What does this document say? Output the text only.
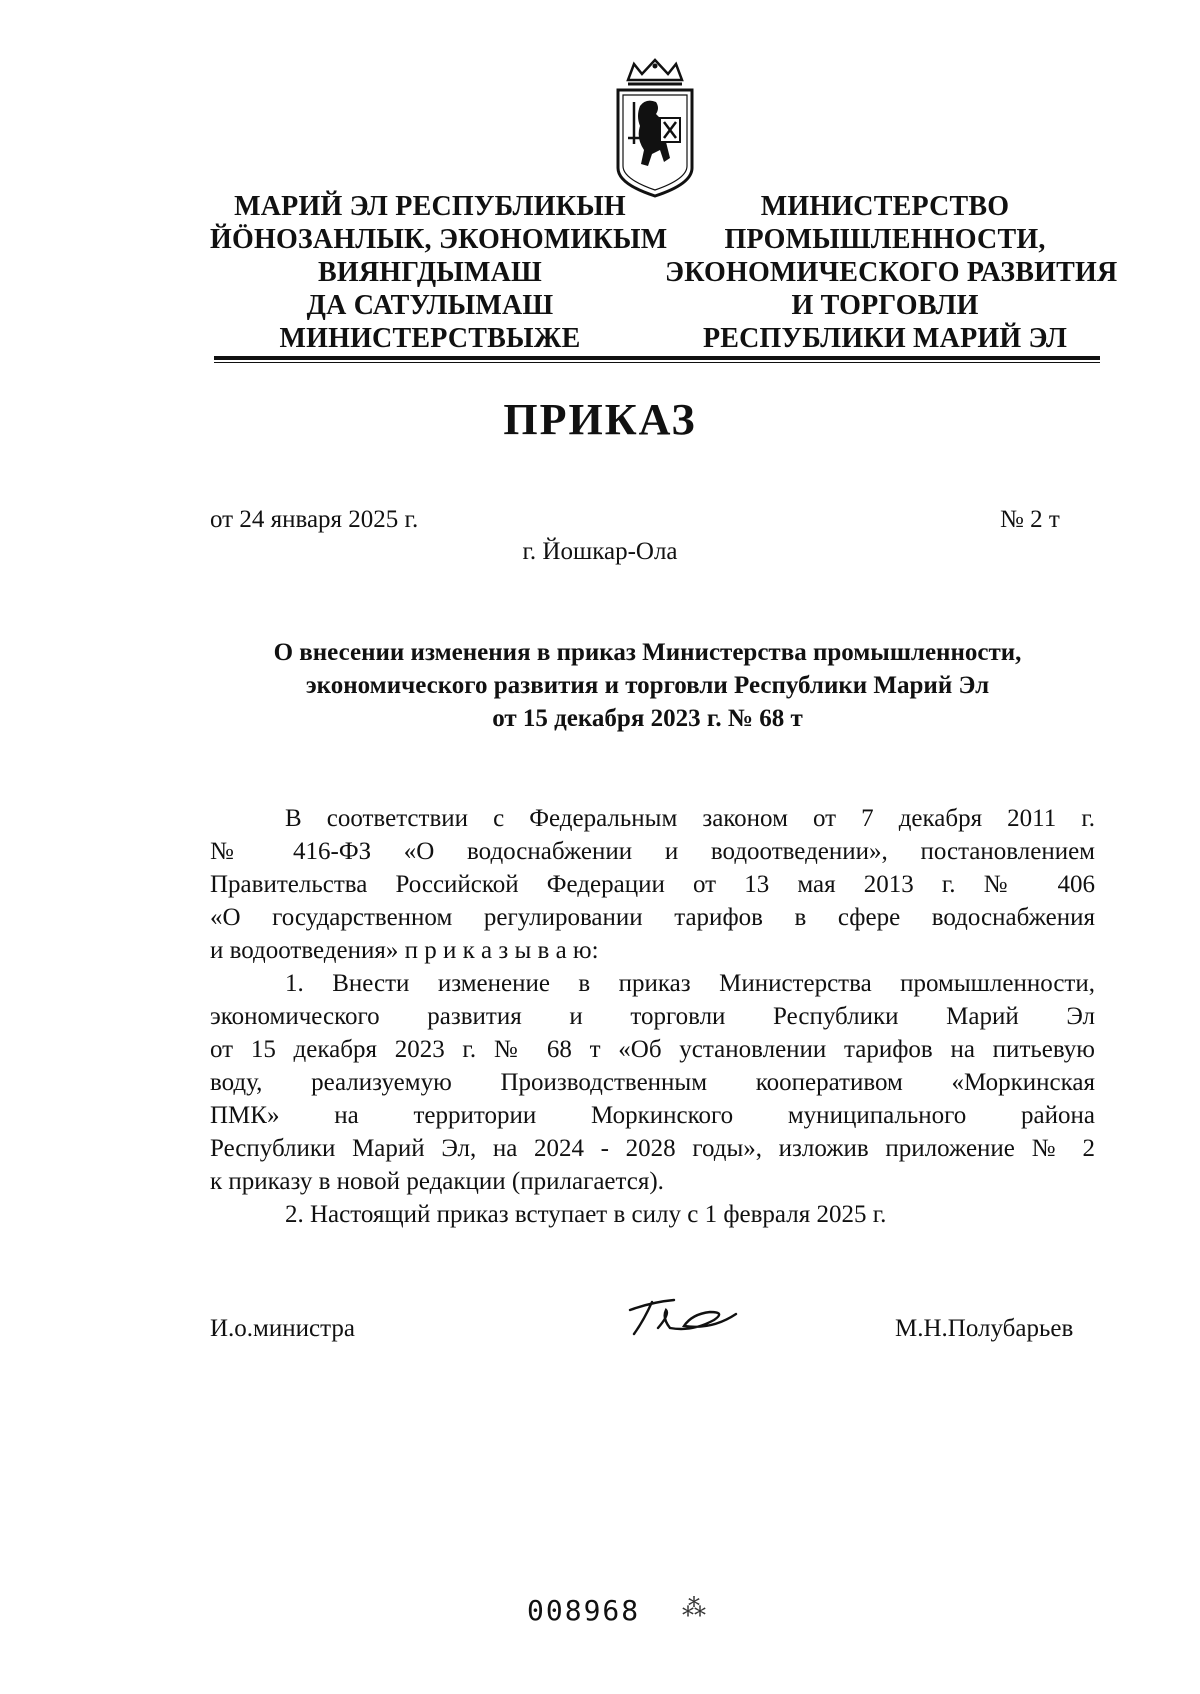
МАРИЙ ЭЛ РЕСПУБЛИКЫН
ЙӦНОЗАНЛЫК, ЭКОНОМИКЫМ
ВИЯНГДЫМАШ
ДА САТУЛЫМАШ
МИНИСТЕРСТВЫЖЕ
МИНИСТЕРСТВО
ПРОМЫШЛЕННОСТИ,
ЭКОНОМИЧЕСКОГО РАЗВИТИЯ
И ТОРГОВЛИ
РЕСПУБЛИКИ МАРИЙ ЭЛ
ПРИКАЗ
от 24 января 2025 г.	№ 2 т
г. Йошкар-Ола
О внесении изменения в приказ Министерства промышленности,
экономического развития и торговли Республики Марий Эл
от 15 декабря 2023 г. № 68 т
В соответствии с Федеральным законом от 7 декабря 2011 г.
№ 416-ФЗ «О водоснабжении и водоотведении», постановлением
Правительства Российской Федерации от 13 мая 2013 г. № 406
«О государственном регулировании тарифов в сфере водоснабжения
и водоотведения» п р и к а з ы в а ю:
1. Внести изменение в приказ Министерства промышленности,
экономического развития и торговли Республики Марий Эл
от 15 декабря 2023 г. № 68 т «Об установлении тарифов на питьевую
воду, реализуемую Производственным кооперативом «Моркинская
ПМК» на территории Моркинского муниципального района
Республики Марий Эл, на 2024 - 2028 годы», изложив приложение № 2
к приказу в новой редакции (прилагается).
2. Настоящий приказ вступает в силу с 1 февраля 2025 г.
И.о.министра	М.Н.Полубарьев
008968 ⁂
